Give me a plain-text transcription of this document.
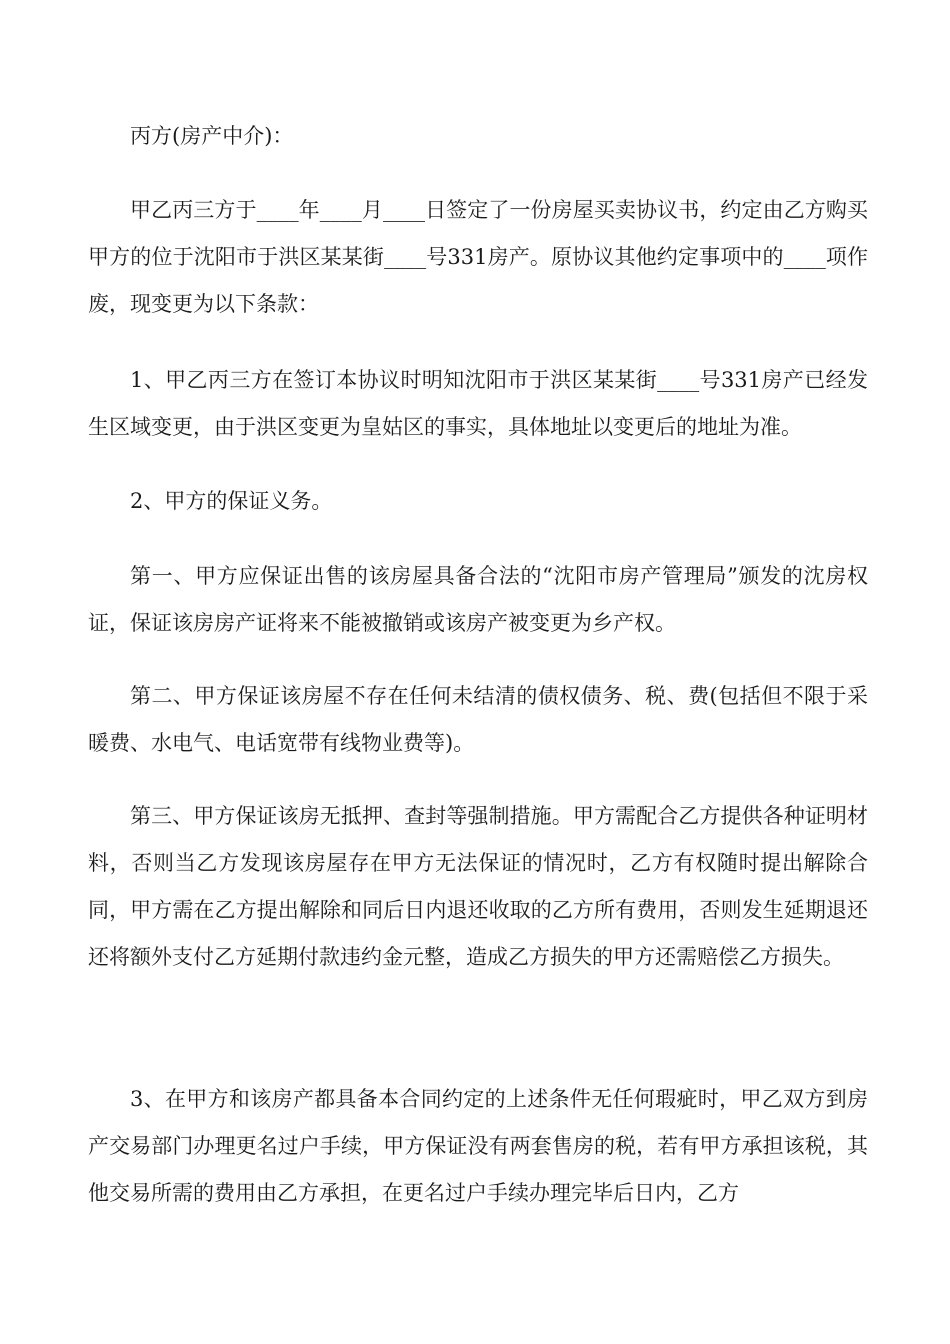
丙方(房产中介)：

甲乙丙三方于____年____月____日签定了一份房屋买卖协议书，约定由乙方购买甲方的位于沈阳市于洪区某某街____号331房产。原协议其他约定事项中的____项作废，现变更为以下条款：

1、甲乙丙三方在签订本协议时明知沈阳市于洪区某某街____号331房产已经发生区域变更，由于洪区变更为皇姑区的事实，具体地址以变更后的地址为准。

2、甲方的保证义务。

第一、甲方应保证出售的该房屋具备合法的“沈阳市房产管理局”颁发的沈房权证，保证该房房产证将来不能被撤销或该房产被变更为乡产权。

第二、甲方保证该房屋不存在任何未结清的债权债务、税、费(包括但不限于采暖费、水电气、电话宽带有线物业费等)。

第三、甲方保证该房无抵押、查封等强制措施。甲方需配合乙方提供各种证明材料，否则当乙方发现该房屋存在甲方无法保证的情况时，乙方有权随时提出解除合同，甲方需在乙方提出解除和同后日内退还收取的乙方所有费用，否则发生延期退还还将额外支付乙方延期付款违约金元整，造成乙方损失的甲方还需赔偿乙方损失。

3、在甲方和该房产都具备本合同约定的上述条件无任何瑕疵时，甲乙双方到房产交易部门办理更名过户手续，甲方保证没有两套售房的税，若有甲方承担该税，其他交易所需的费用由乙方承担，在更名过户手续办理完毕后日内，乙方
